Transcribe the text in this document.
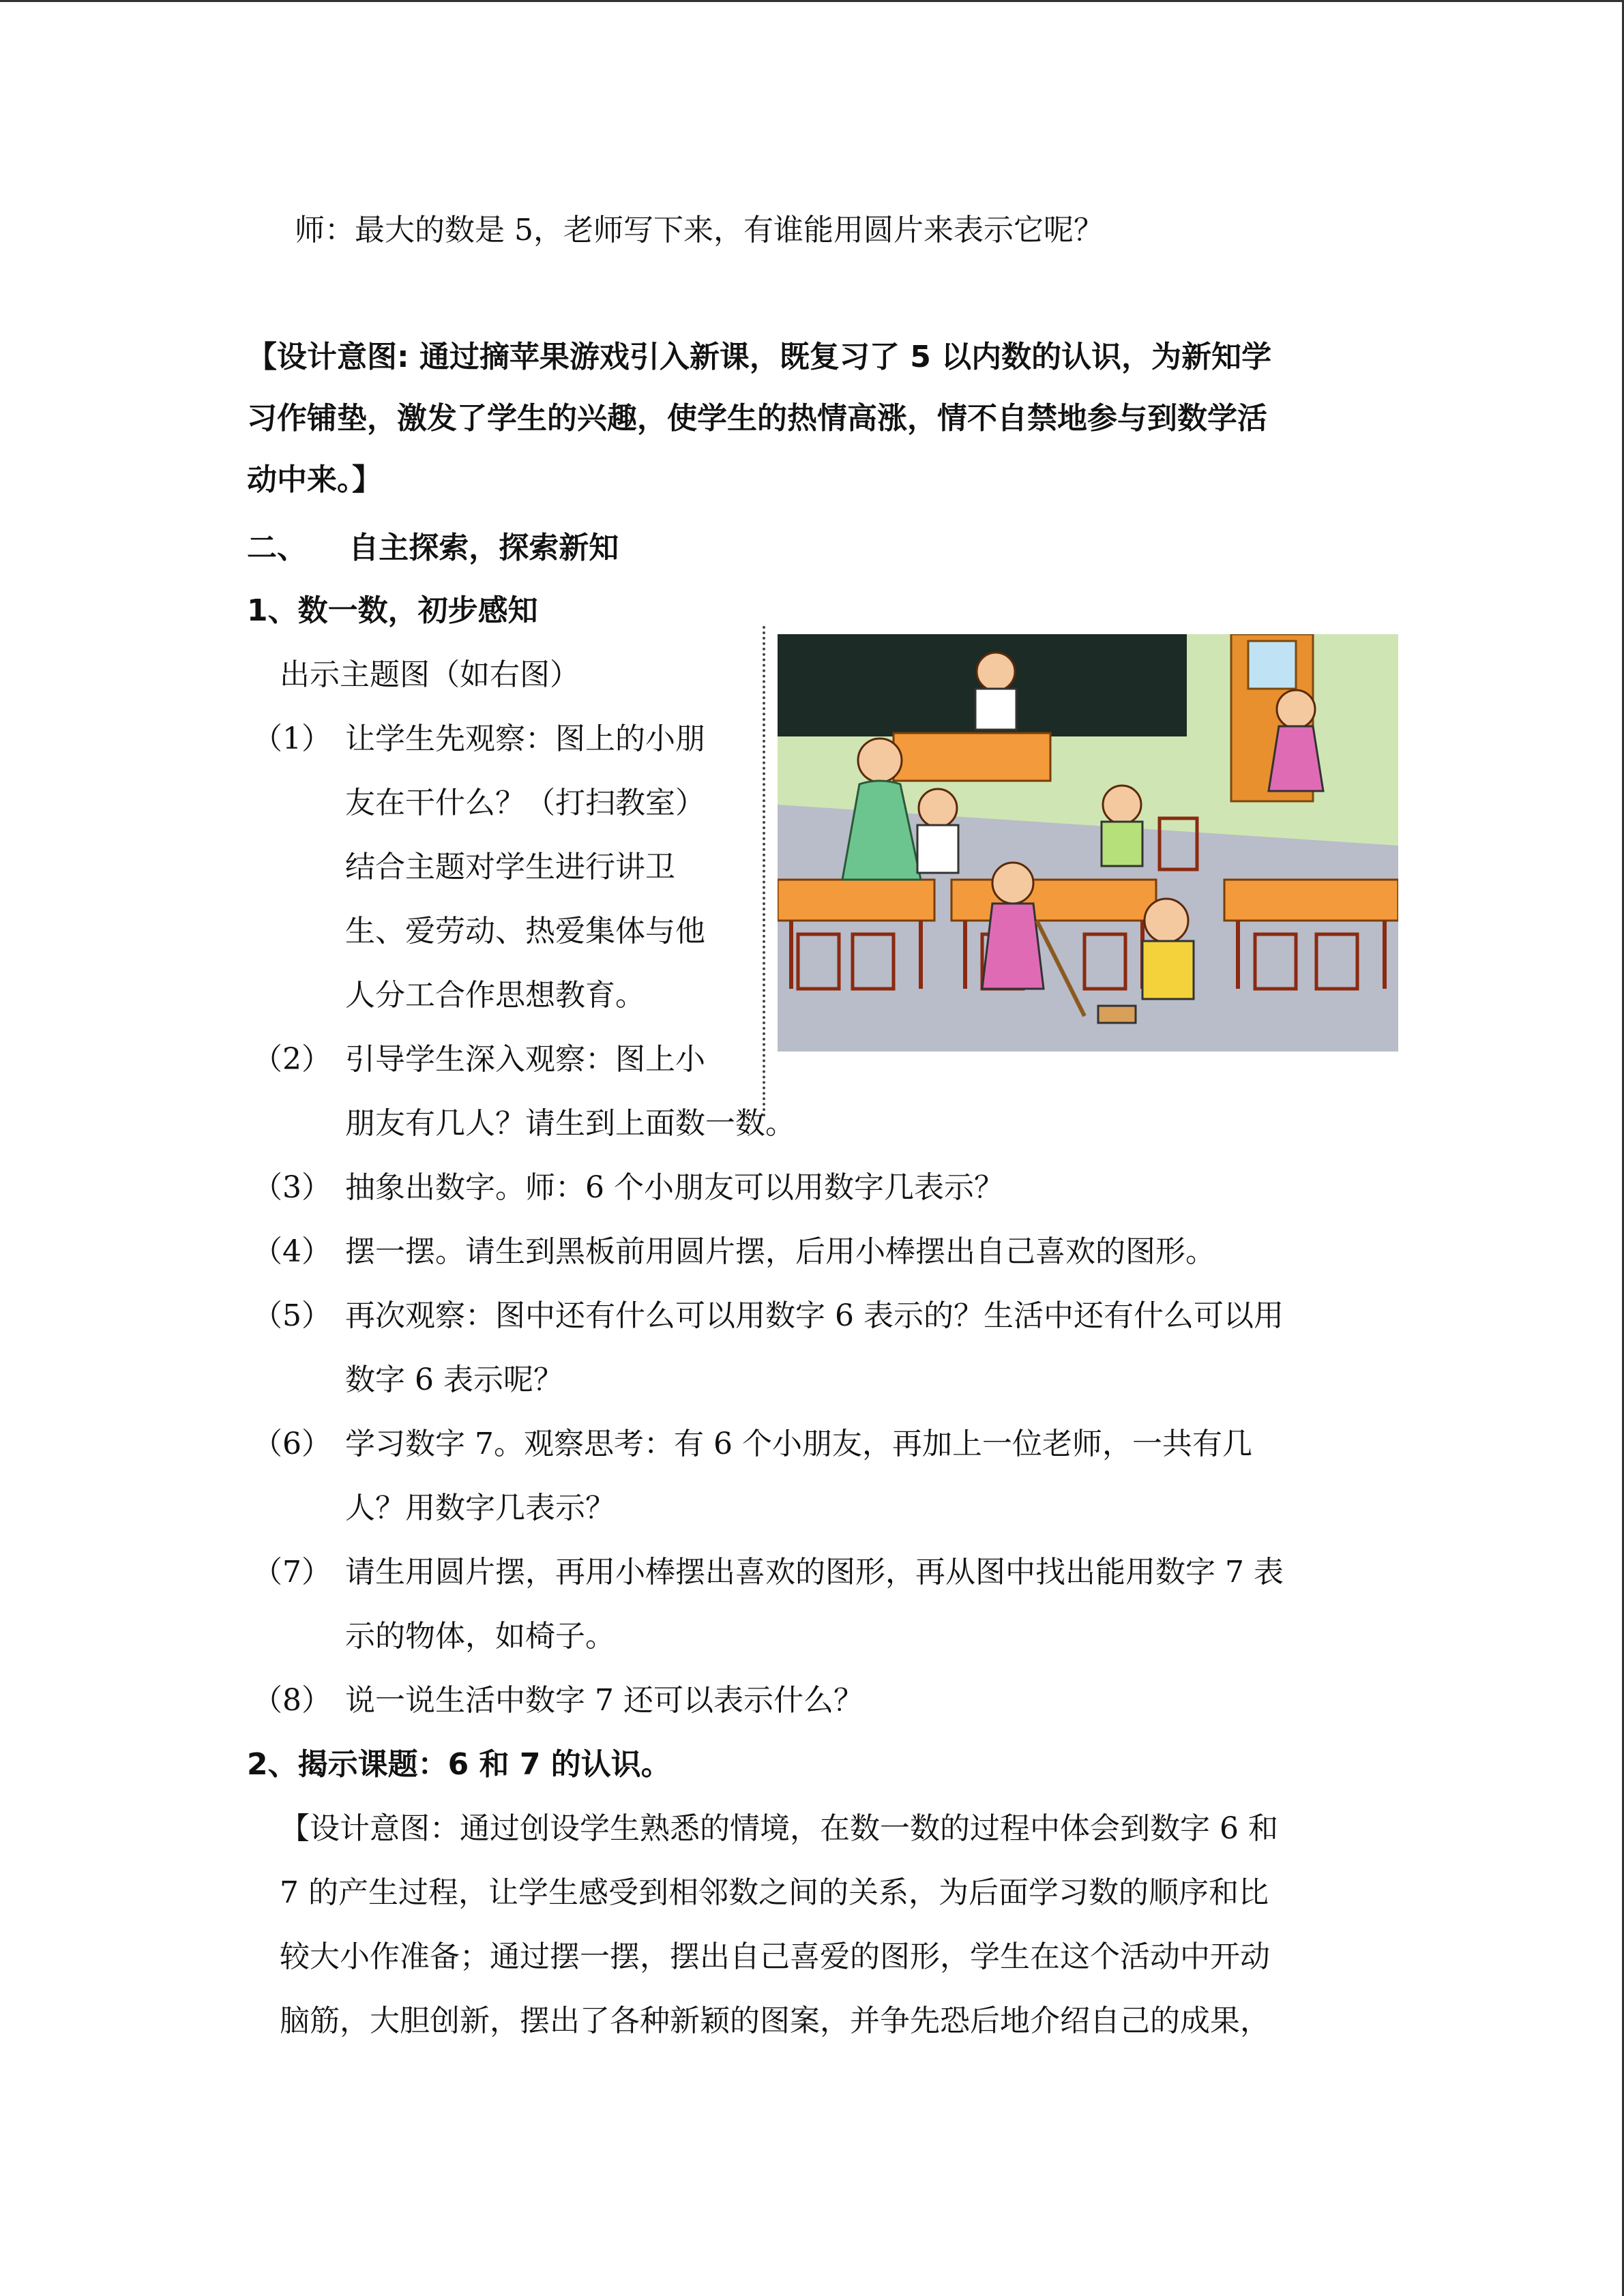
师：最大的数是 5，老师写下来，有谁能用圆片来表示它呢？
【设计意图: 通过摘苹果游戏引入新课，既复习了 5 以内数的认识，为新知学
习作铺垫，激发了学生的兴趣，使学生的热情高涨，情不自禁地参与到数学活
动中来。】
二、    自主探索，探索新知
1、数一数，初步感知
出示主题图（如右图）
（1） 让学生先观察：图上的小朋
友在干什么？（打扫教室）
结合主题对学生进行讲卫
生、爱劳动、热爱集体与他
人分工合作思想教育。
（2） 引导学生深入观察：图上小
朋友有几人？请生到上面数一数。
（3） 抽象出数字。师：6 个小朋友可以用数字几表示？
（4） 摆一摆。请生到黑板前用圆片摆，后用小棒摆出自己喜欢的图形。
（5） 再次观察：图中还有什么可以用数字 6 表示的？生活中还有什么可以用
数字 6 表示呢？
（6） 学习数字 7。观察思考：有 6 个小朋友，再加上一位老师，一共有几
人？用数字几表示？
（7） 请生用圆片摆，再用小棒摆出喜欢的图形，再从图中找出能用数字 7 表
示的物体，如椅子。
（8） 说一说生活中数字 7 还可以表示什么？
2、揭示课题：6 和 7 的认识。
【设计意图：通过创设学生熟悉的情境，在数一数的过程中体会到数字 6 和
7 的产生过程，让学生感受到相邻数之间的关系，为后面学习数的顺序和比
较大小作准备；通过摆一摆，摆出自己喜爱的图形，学生在这个活动中开动
脑筋，大胆创新，摆出了各种新颖的图案，并争先恐后地介绍自己的成果，
